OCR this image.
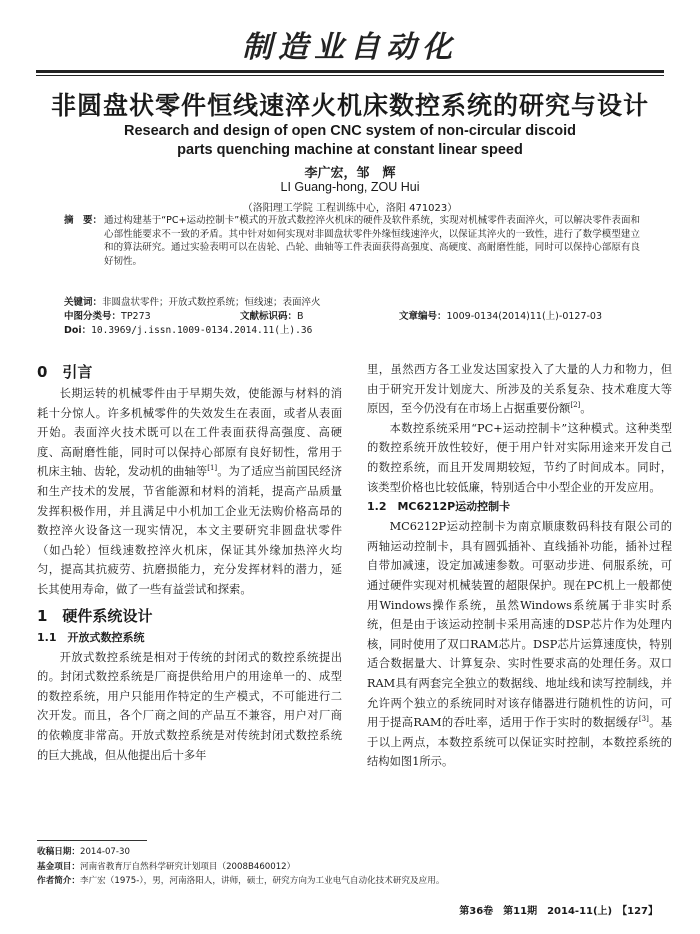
制造业自动化
非圆盘状零件恒线速淬火机床数控系统的研究与设计
Research and design of open CNC system of non-circular discoid
parts quenching machine at constant linear speed
李广宏，邹　辉
LI Guang-hong, ZOU Hui
（洛阳理工学院 工程训练中心，洛阳 471023）
摘　要： 通过构建基于“PC+运动控制卡”模式的开放式数控淬火机床的硬件及软件系统，实现对机械零件表面淬火，可以解决零件表面和心部性能要求不一致的矛盾。其中针对如何实现对非圆盘状零件外缘恒线速淬火，以保证其淬火的一致性，进行了数学模型建立和的算法研究。通过实验表明可以在齿轮、凸轮、曲轴等工件表面获得高强度、高硬度、高耐磨性能，同时可以保持心部原有良好韧性。
关键词：非圆盘状零件；开放式数控系统；恒线速；表面淬火
中图分类号： TP273	文献标识码： B	文章编号： 1009-0134(2014)11(上)-0127-03
Doi：10.3969/j.issn.1009-0134.2014.11(上).36
0　引言

长期运转的机械零件由于早期失效，使能源与材料的消耗十分惊人。许多机械零件的失效发生在表面，或者从表面开始。表面淬火技术既可以在工件表面获得高强度、高硬度、高耐磨性能，同时可以保持心部原有良好韧性，常用于机床主轴、齿轮，发动机的曲轴等[1]。为了适应当前国民经济和生产技术的发展，节省能源和材料的消耗，提高产品质量发挥积极作用，并且满足中小机加工企业无法购价格高昂的数控淬火设备这一现实情况，本文主要研究非圆盘状零件（如凸轮）恒线速数控淬火机床，保证其外缘加热淬火均匀，提高其抗疲劳、抗磨损能力，充分发挥材料的潜力，延长其使用寿命，做了一些有益尝试和探索。

1　硬件系统设计
1.1　开放式数控系统

开放式数控系统是相对于传统的封闭式的数控系统提出的。封闭式数控系统是厂商提供给用户的用途单一的、成型的数控系统，用户只能用作特定的生产模式，不可能进行二次开发。而且，各个厂商之间的产品互不兼容，用户对厂商的依赖度非常高。开放式数控系统是对传统封闭式数控系统的巨大挑战，但从他提出后十多年

里，虽然西方各工业发达国家投入了大量的人力和物力，但由于研究开发计划庞大、所涉及的关系复杂、技术难度大等原因，至今仍没有在市场上占据重要份额[2]。

本数控系统采用“PC+运动控制卡”这种模式。这种类型的数控系统开放性较好，便于用户针对实际用途来开发自己的数控系统，而且开发周期较短，节约了时间成本。同时，该类型价格也比较低廉，特别适合中小型企业的开发应用。

1.2　MC6212P运动控制卡

MC6212P运动控制卡为南京顺康数码科技有限公司的两轴运动控制卡，具有圆弧插补、直线插补功能，插补过程自带加减速，设定加减速参数。可驱动步进、伺服系统，可通过硬件实现对机械装置的超限保护。现在PC机上一般都使用Windows操作系统，虽然Windows系统属于非实时系统，但是由于该运动控制卡采用高速的DSP芯片作为处理内核，同时使用了双口RAM芯片。DSP芯片运算速度快，特别适合数据量大、计算复杂、实时性要求高的处理任务。双口RAM具有两套完全独立的数据线、地址线和读写控制线，并允许两个独立的系统同时对该存储器进行随机性的访问，可用于提高RAM的吞吐率，适用于作于实时的数据缓存[3]。基于以上两点，本数控系统可以保证实时控制，本数控系统的结构如图1所示。

收稿日期：2014-07-30
基金项目：河南省教育厅自然科学研究计划项目（2008B460012）
作者简介：李广宏（1975-），男，河南洛阳人，讲师，硕士，研究方向为工业电气自动化技术研究及应用。
第36卷　第11期　2014-11(上)　【127】
